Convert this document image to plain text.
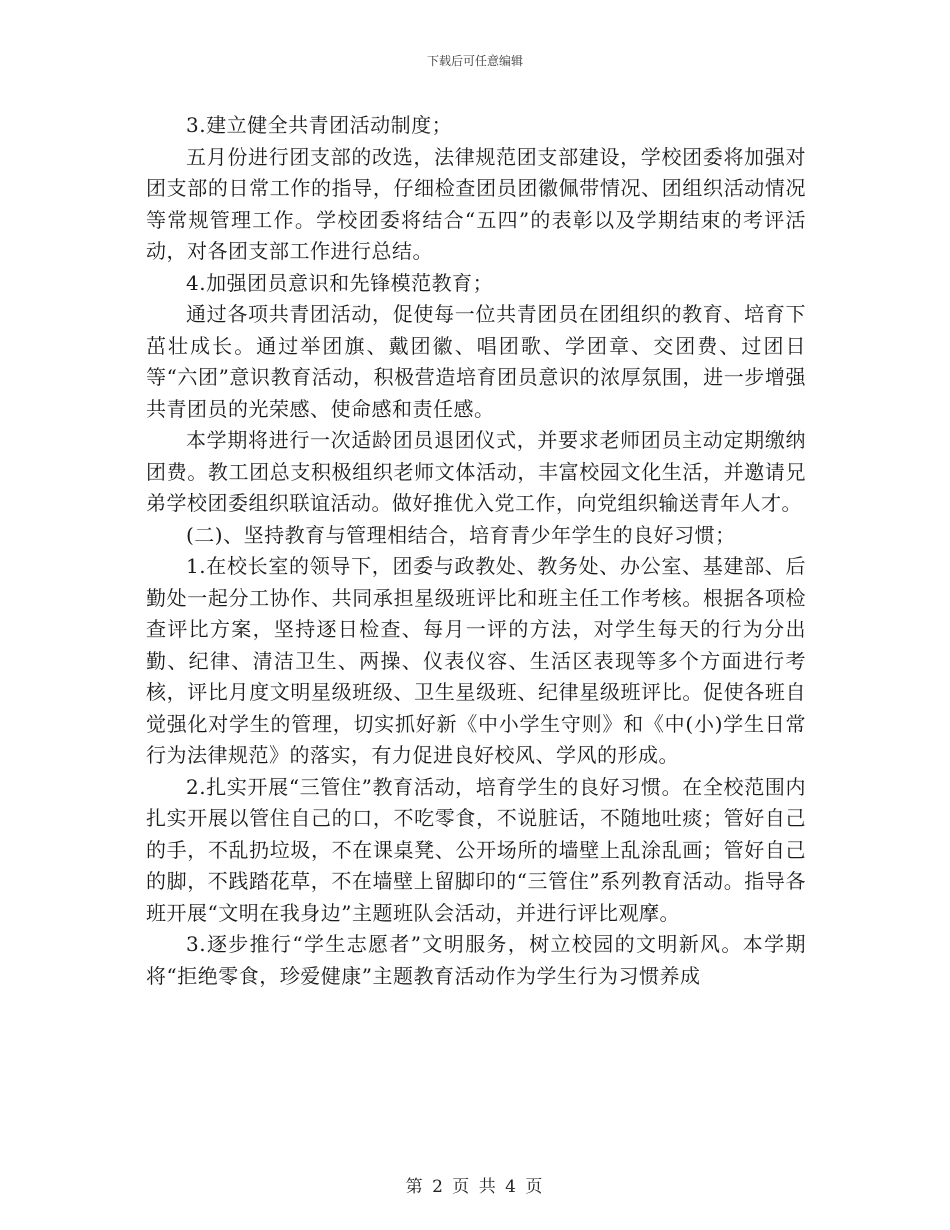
下载后可任意编辑

3.建立健全共青团活动制度；

五月份进行团支部的改选，法律规范团支部建设，学校团委将加强对团支部的日常工作的指导，仔细检查团员团徽佩带情况、团组织活动情况等常规管理工作。学校团委将结合“五四”的表彰以及学期结束的考评活动，对各团支部工作进行总结。

4.加强团员意识和先锋模范教育；

通过各项共青团活动，促使每一位共青团员在团组织的教育、培育下茁壮成长。通过举团旗、戴团徽、唱团歌、学团章、交团费、过团日等“六团”意识教育活动，积极营造培育团员意识的浓厚氛围，进一步增强共青团员的光荣感、使命感和责任感。

本学期将进行一次适龄团员退团仪式，并要求老师团员主动定期缴纳团费。教工团总支积极组织老师文体活动，丰富校园文化生活，并邀请兄弟学校团委组织联谊活动。做好推优入党工作，向党组织输送青年人才。

(二)、坚持教育与管理相结合，培育青少年学生的良好习惯；

1.在校长室的领导下，团委与政教处、教务处、办公室、基建部、后勤处一起分工协作、共同承担星级班评比和班主任工作考核。根据各项检查评比方案，坚持逐日检查、每月一评的方法，对学生每天的行为分出勤、纪律、清洁卫生、两操、仪表仪容、生活区表现等多个方面进行考核，评比月度文明星级班级、卫生星级班、纪律星级班评比。促使各班自觉强化对学生的管理，切实抓好新《中小学生守则》和《中(小)学生日常行为法律规范》的落实，有力促进良好校风、学风的形成。

2.扎实开展“三管住”教育活动，培育学生的良好习惯。在全校范围内扎实开展以管住自己的口，不吃零食，不说脏话，不随地吐痰；管好自己的手，不乱扔垃圾，不在课桌凳、公开场所的墙壁上乱涂乱画；管好自己的脚，不践踏花草，不在墙壁上留脚印的“三管住”系列教育活动。指导各班开展“文明在我身边”主题班队会活动，并进行评比观摩。

3.逐步推行“学生志愿者”文明服务，树立校园的文明新风。本学期将“拒绝零食，珍爱健康”主题教育活动作为学生行为习惯养成

第 2 页 共 4 页
